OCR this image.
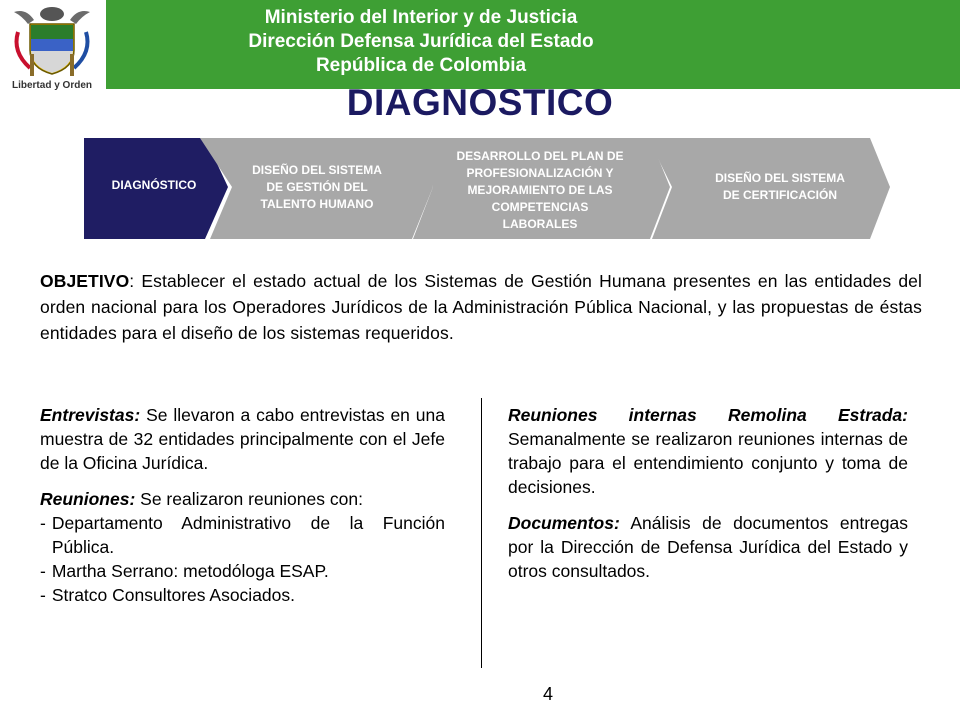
Libertad y Orden
Ministerio del Interior y de Justicia
Dirección Defensa Jurídica del Estado
República de Colombia
DIAGNOSTICO
DIAGNÓSTICO
DISEÑO DEL SISTEMA
DE GESTIÓN DEL
TALENTO HUMANO
DESARROLLO DEL PLAN DE
PROFESIONALIZACIÓN Y
MEJORAMIENTO DE LAS
COMPETENCIAS
LABORALES
DISEÑO DEL SISTEMA
DE CERTIFICACIÓN

OBJETIVO: Establecer el estado actual de los Sistemas de Gestión Humana presentes en las entidades del orden nacional para los Operadores Jurídicos de la Administración Pública Nacional, y las propuestas de éstas entidades para el diseño de los sistemas requeridos.

Entrevistas: Se llevaron a cabo entrevistas en una muestra de 32 entidades principalmente con el Jefe de la Oficina Jurídica.

Reuniones: Se realizaron reuniones con:

- Departamento Administrativo de la Función Pública.
- Martha Serrano: metodóloga ESAP.
- Stratco Consultores Asociados.

Reuniones internas Remolina Estrada: Semanalmente se realizaron reuniones internas de trabajo para el entendimiento conjunto y toma de decisiones.

Documentos: Análisis de documentos entregas por la Dirección de Defensa Jurídica del Estado y otros consultados.

4
